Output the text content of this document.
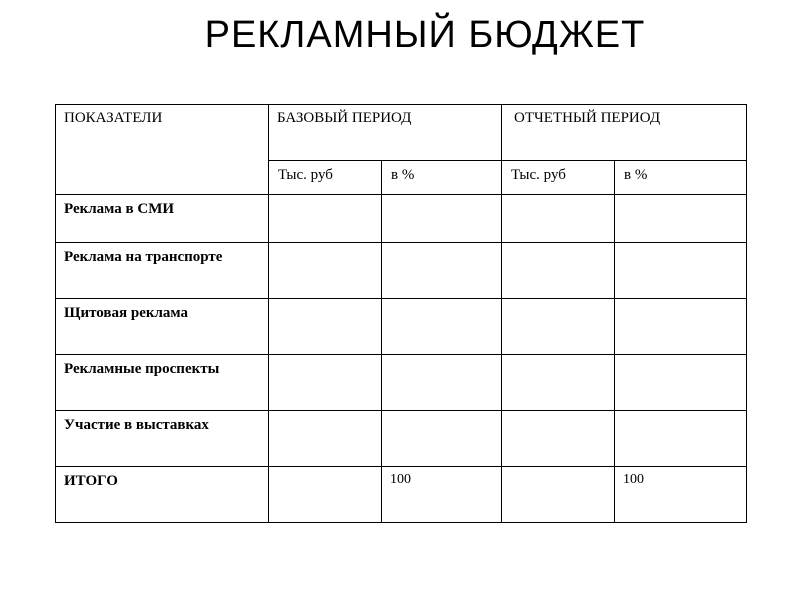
РЕКЛАМНЫЙ БЮДЖЕТ
ПОКАЗАТЕЛИ	БАЗОВЫЙ ПЕРИОД		ОТЧЕТНЫЙ ПЕРИОД	

	Тыс. руб	в %	Тыс. руб	в %

Реклама в СМИ				

Реклама на транспорте				

Щитовая реклама				

Рекламные проспекты				

Участие в выставках				

ИТОГО		100		100
